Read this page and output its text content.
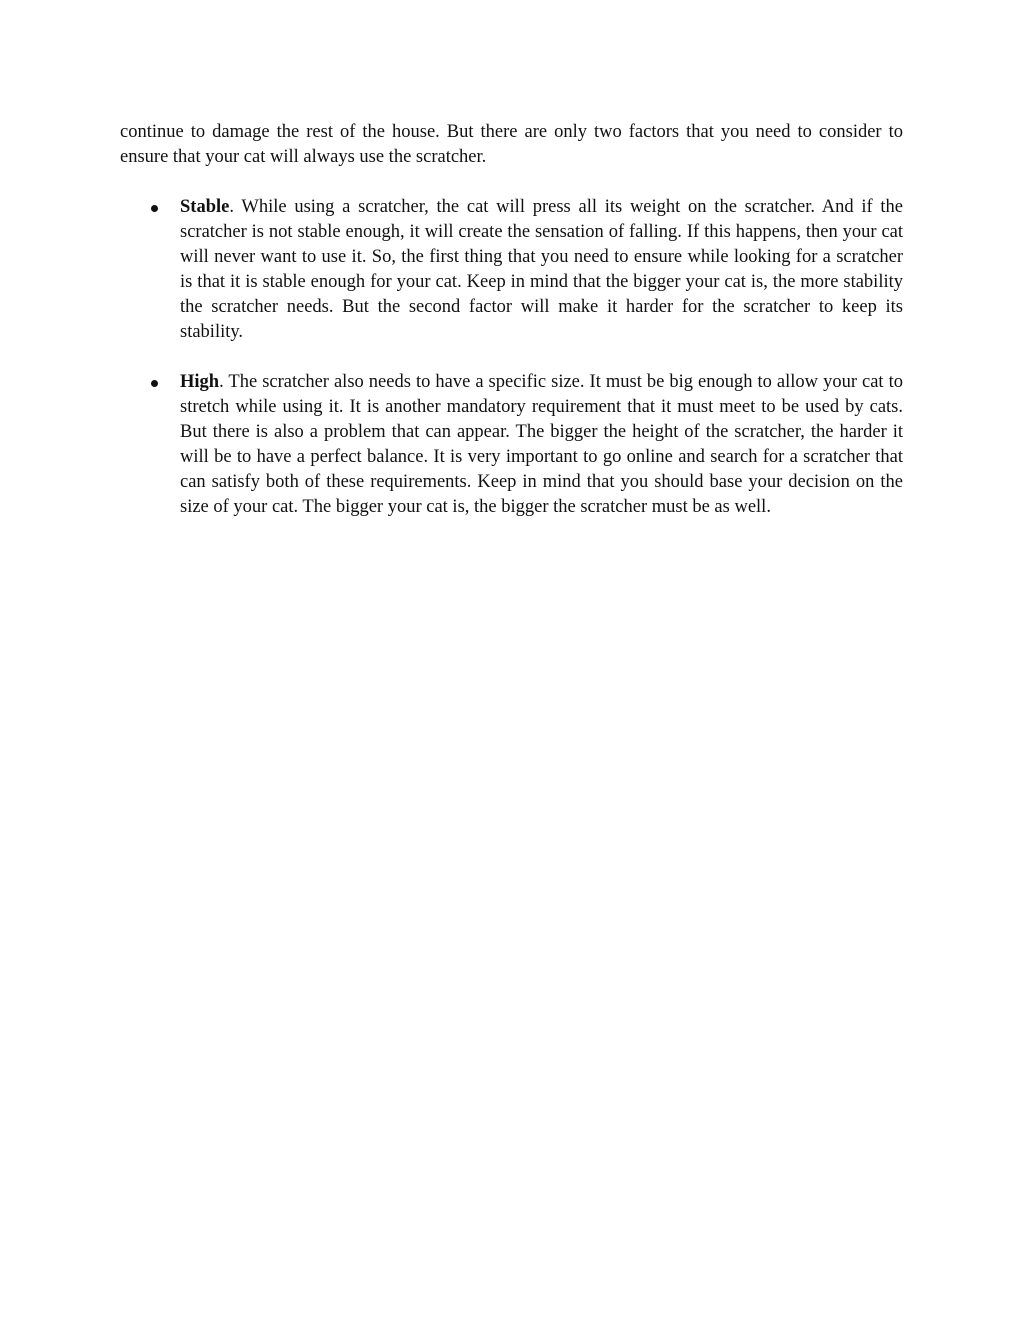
continue to damage the rest of the house. But there are only two factors that you need to consider to ensure that your cat will always use the scratcher.

Stable. While using a scratcher, the cat will press all its weight on the scratcher. And if the scratcher is not stable enough, it will create the sensation of falling. If this happens, then your cat will never want to use it. So, the first thing that you need to ensure while looking for a scratcher is that it is stable enough for your cat. Keep in mind that the bigger your cat is, the more stability the scratcher needs. But the second factor will make it harder for the scratcher to keep its stability.
High. The scratcher also needs to have a specific size. It must be big enough to allow your cat to stretch while using it. It is another mandatory requirement that it must meet to be used by cats. But there is also a problem that can appear. The bigger the height of the scratcher, the harder it will be to have a perfect balance. It is very important to go online and search for a scratcher that can satisfy both of these requirements. Keep in mind that you should base your decision on the size of your cat. The bigger your cat is, the bigger the scratcher must be as well.
